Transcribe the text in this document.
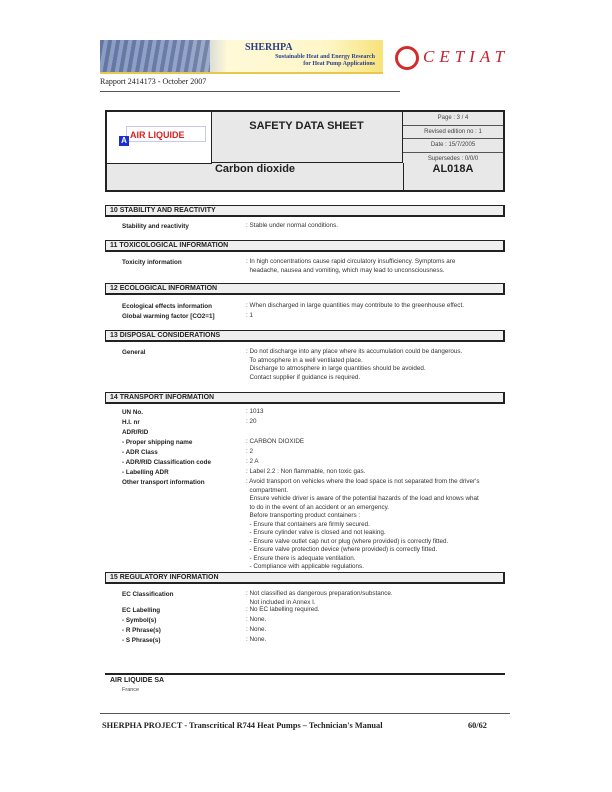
SHERHPA
Sustainable Heat and Energy Research
for Heat Pump Applications	CETIAT
Rapport 2414173 - October 2007
AIR LIQUIDE
A
SAFETY DATA SHEET
Page : 3 / 4
Revised edition no : 1
Date : 15/7/2005
Supersedes : 0/0/0
Carbon dioxide	AL018A
10 STABILITY AND REACTIVITY
Stability and reactivity	: Stable under normal conditions.
11 TOXICOLOGICAL INFORMATION
Toxicity information	: In high concentrations cause rapid circulatory insufficiency. Symptoms are
headache, nausea and vomiting, which may lead to unconsciousness.
12 ECOLOGICAL INFORMATION
Ecological effects information	: When discharged in large quantities may contribute to the greenhouse effect.
Global warming factor [CO2=1]	: 1
13 DISPOSAL CONSIDERATIONS
General	: Do not discharge into any place where its accumulation could be dangerous.
To atmosphere in a well ventilated place.
Discharge to atmosphere in large quantities should be avoided.
Contact supplier if guidance is required.
14 TRANSPORT INFORMATION
UN No.	: 1013
H.I. nr	: 20
ADR/RID
- Proper shipping name	: CARBON DIOXIDE
- ADR Class	: 2
- ADR/RID Classification code	: 2 A
- Labelling ADR	: Label 2.2 : Non flammable, non toxic gas.
Other transport information	: Avoid transport on vehicles where the load space is not separated from the driver's
compartment.
Ensure vehicle driver is aware of the potential hazards of the load and knows what
to do in the event of an accident or an emergency.
Before transporting product containers :
- Ensure that containers are firmly secured.
- Ensure cylinder valve is closed and not leaking.
- Ensure valve outlet cap nut or plug (where provided) is correctly fitted.
- Ensure valve protection device (where provided) is correctly fitted.
- Ensure there is adequate ventilation.
- Compliance with applicable regulations.
15 REGULATORY INFORMATION
EC Classification	: Not classified as dangerous preparation/substance.
Not included in Annex I.
EC Labelling	: No EC labelling required.
- Symbol(s)	: None.
- R Phrase(s)	: None.
- S Phrase(s)	: None.
AIR LIQUIDE SA
France
SHERPHA PROJECT - Transcritical R744 Heat Pumps – Technician's Manual	60/62
